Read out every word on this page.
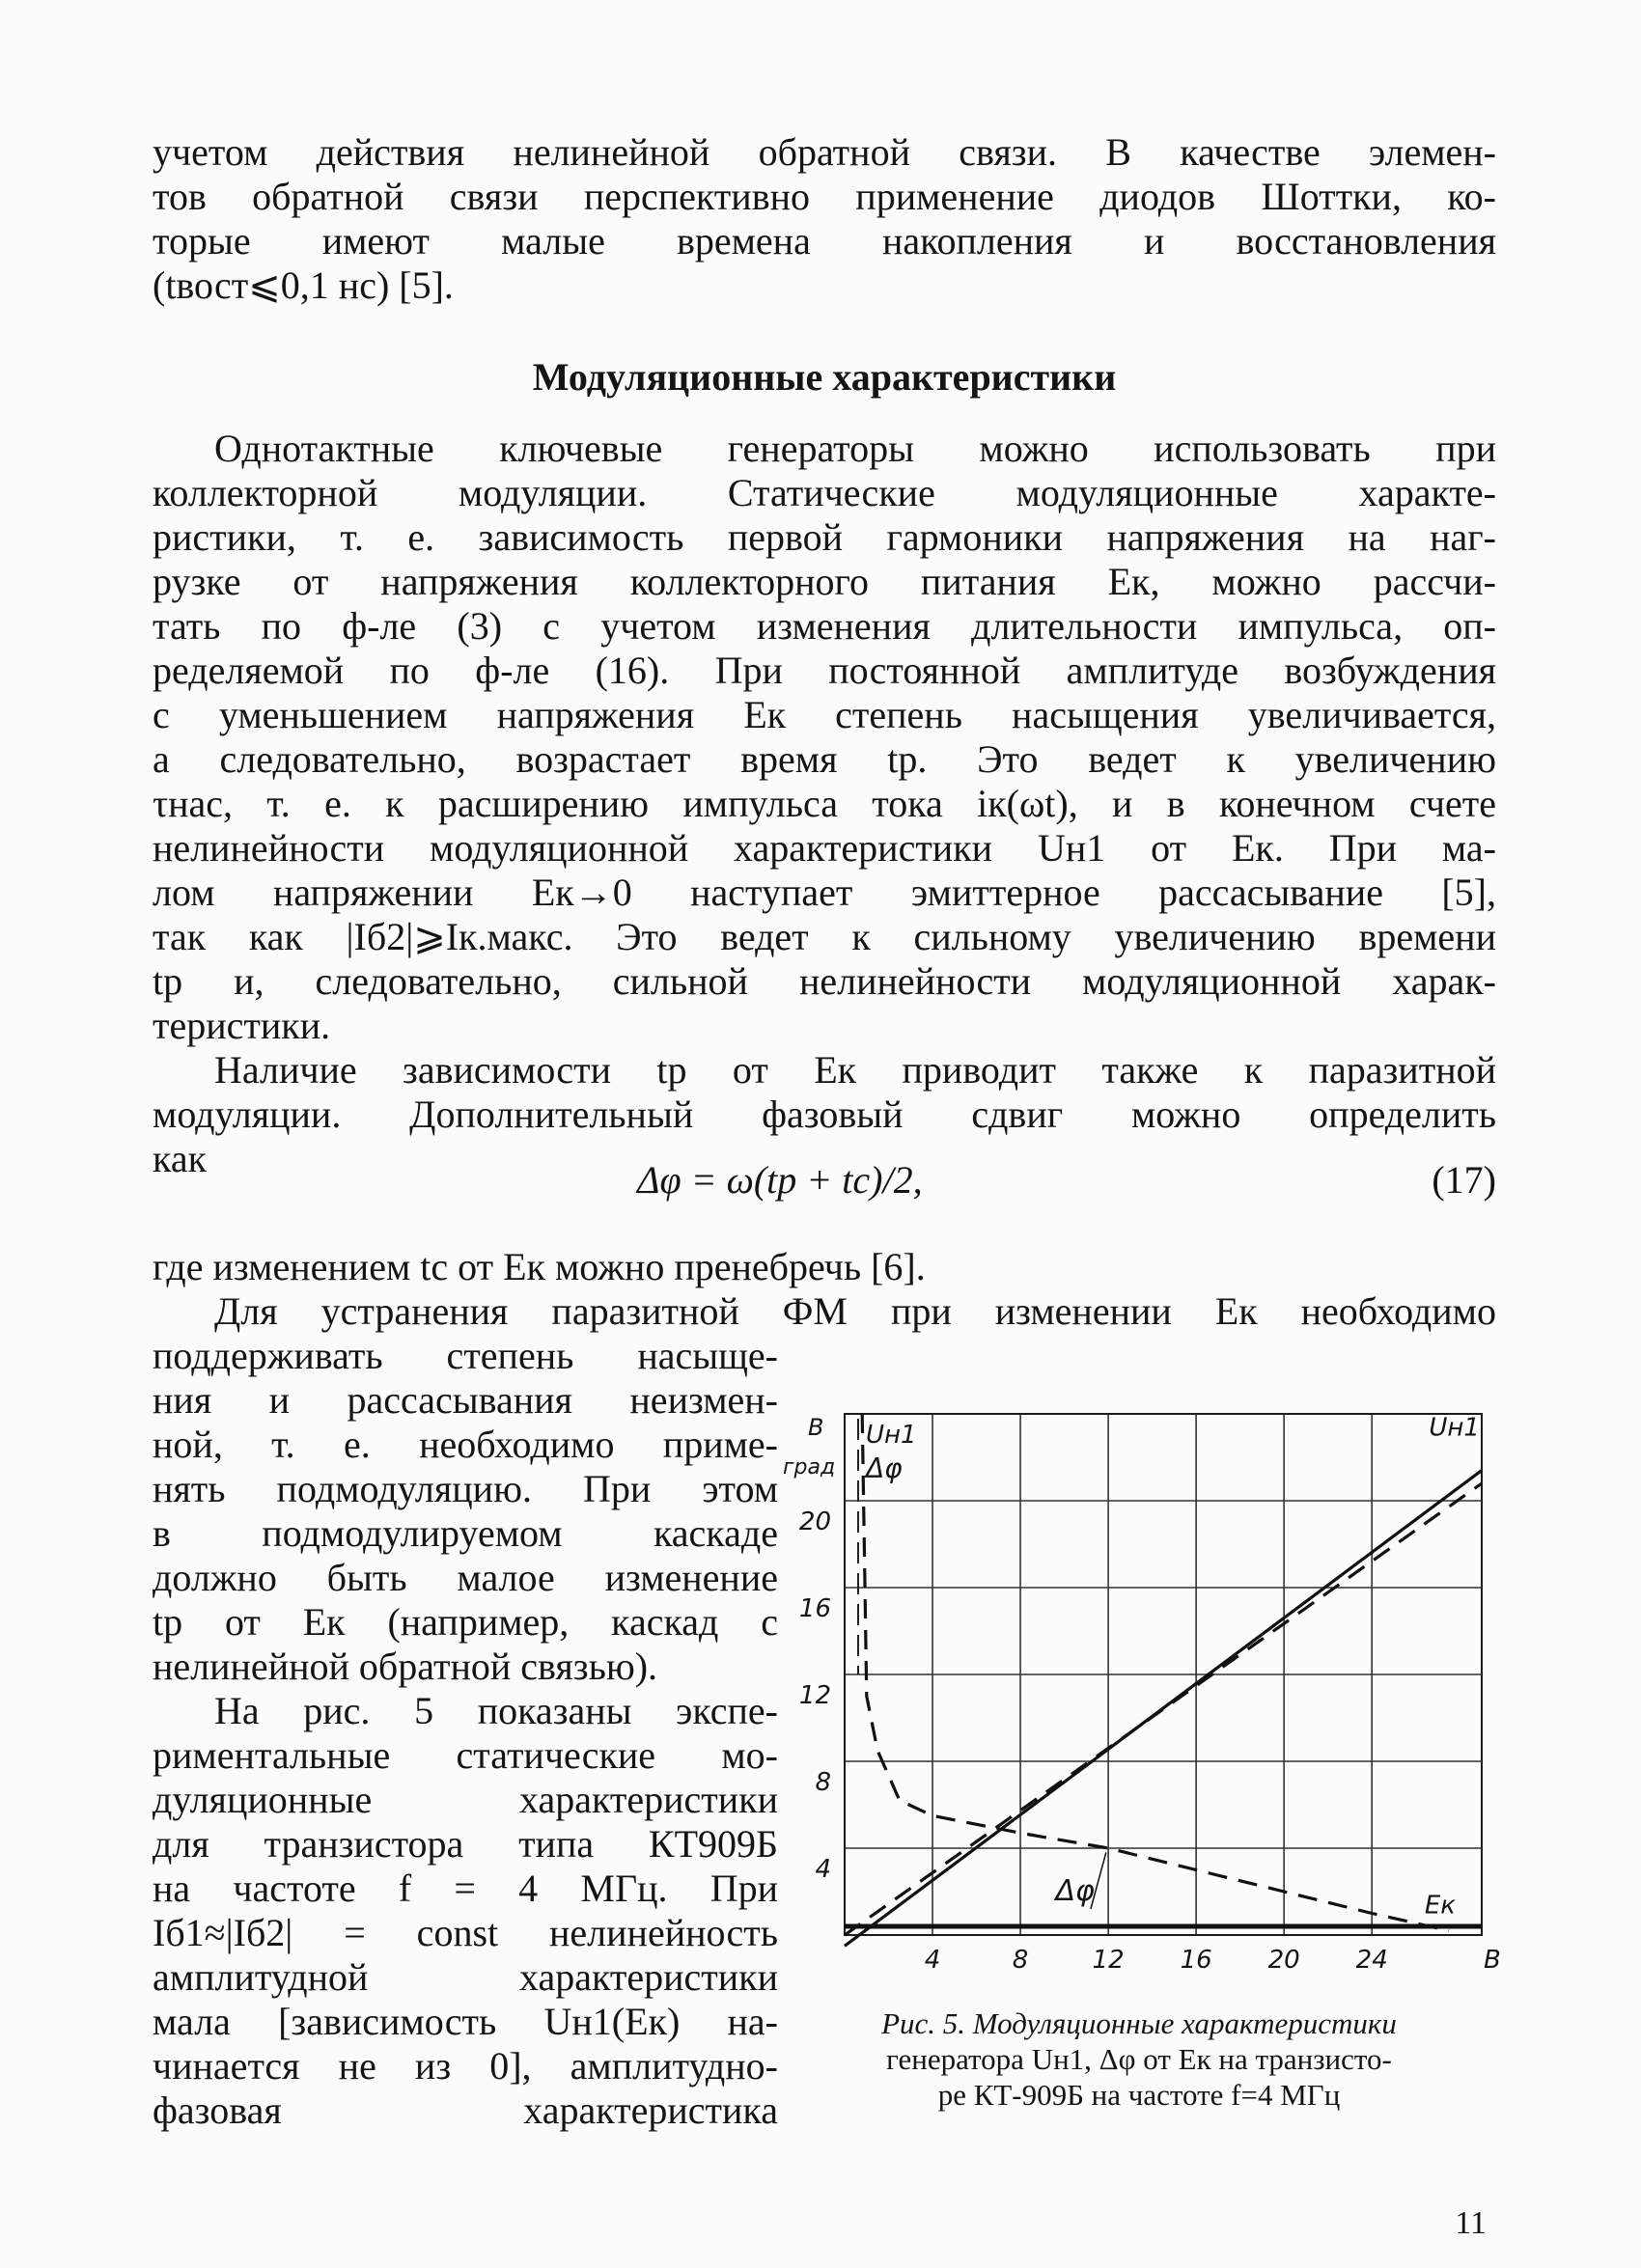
учетом действия нелинейной обратной связи. В качестве элемен-
тов обратной связи перспективно применение диодов Шоттки, ко-
торые имеют малые времена накопления и восстановления
(tвост⩽0,1 нс) [5].
Модуляционные характеристики
Однотактные ключевые генераторы можно использовать при
коллекторной модуляции. Статические модуляционные характе-
ристики, т. е. зависимость первой гармоники напряжения на наг-
рузке от напряжения коллекторного питания Eк, можно рассчи-
тать по ф-ле (3) с учетом изменения длительности импульса, оп-
ределяемой по ф-ле (16). При постоянной амплитуде возбуждения
с уменьшением напряжения Eк степень насыщения увеличивается,
а следовательно, возрастает время tр. Это ведет к увеличению
τнас, т. е. к расширению импульса тока iк(ωt), и в конечном счете
нелинейности модуляционной характеристики Uн1 от Eк. При ма-
лом напряжении Eк→0 наступает эмиттерное рассасывание [5],
так как |Iб2|⩾Iк.макс. Это ведет к сильному увеличению времени
tр и, следовательно, сильной нелинейности модуляционной харак-
теристики.
Наличие зависимости tр от Eк приводит также к паразитной
модуляции. Дополнительный фазовый сдвиг можно определить
как	Δφ = ω(tр + tс)/2,	(17)
где изменением tс от Eк можно пренебречь [6].
Для устранения паразитной ФМ при изменении Eк необходимо
поддерживать степень насыще-
ния и рассасывания неизмен-
ной, т. е. необходимо приме-
нять подмодуляцию. При этом
в подмодулируемом каскаде
должно быть малое изменение
tр от Eк (например, каскад с
нелинейной обратной связью).
На рис. 5 показаны экспе-
риментальные статические мо-
дуляционные характеристики
для транзистора типа КТ909Б
на частоте f = 4 МГц. При
Iб1≈|Iб2| = const нелинейность
амплитудной характеристики
мала [зависимость Uн1(Eк) на-
чинается не из 0], амплитудно-
фазовая характеристика
4	8	12 16 20 24
4
8
12
16
20
В
В
град
Uн1
Δφ
Uн1
Δφ	Eк
Рис. 5. Модуляционные характеристики
генератора Uн1, Δφ от Eк на транзисто-
ре КТ-909Б на частоте f=4 МГц
11
